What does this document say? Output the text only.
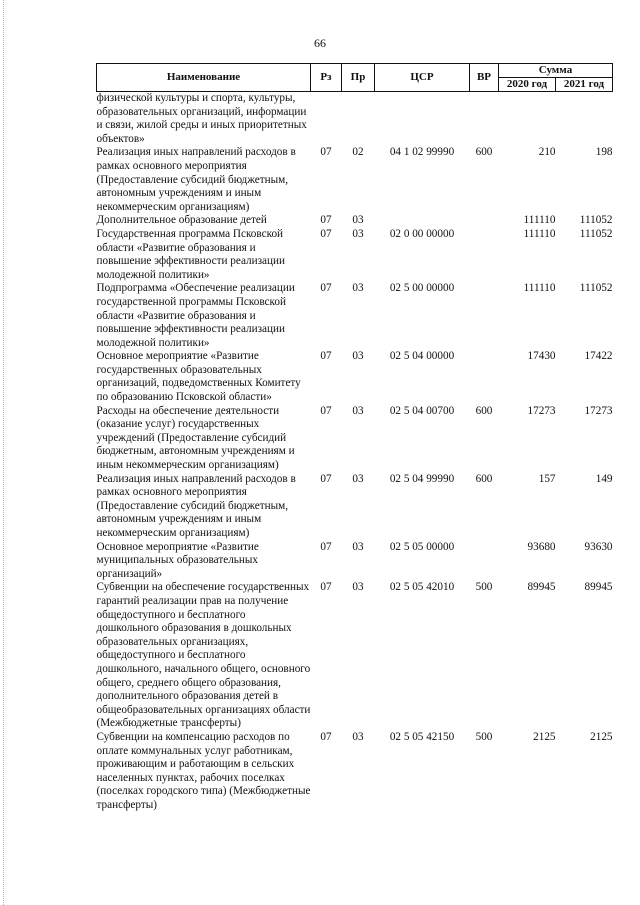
66
Наименование	Рз	Пр	ЦСР	ВР	Сумма	
					2020 год	2021 год
физической культуры и спорта, культуры, образовательных организаций, информации и связи, жилой среды и иных приоритетных объектов»						
Реализация иных направлений расходов в рамках основного мероприятия (Предоставление субсидий бюджетным, автономным учреждениям и иным некоммерческим организациям)	07	02	04 1 02 99990	600	210	198
Дополнительное образование детей	07	03			111110	111052
Государственная программа Псковской области «Развитие образования и повышение эффективности реализации молодежной политики»	07	03	02 0 00 00000		111110	111052
Подпрограмма «Обеспечение реализации государственной программы Псковской области «Развитие образования и повышение эффективности реализации молодежной политики»	07	03	02 5 00 00000		111110	111052
Основное мероприятие «Развитие государственных образовательных организаций, подведомственных Комитету по образованию Псковской области»	07	03	02 5 04 00000		17430	17422
Расходы на обеспечение деятельности (оказание услуг) государственных учреждений (Предоставление субсидий бюджетным, автономным учреждениям и иным некоммерческим организациям)	07	03	02 5 04 00700	600	17273	17273
Реализация иных направлений расходов в рамках основного мероприятия (Предоставление субсидий бюджетным, автономным учреждениям и иным некоммерческим организациям)	07	03	02 5 04 99990	600	157	149
Основное мероприятие «Развитие муниципальных образовательных организаций»	07	03	02 5 05 00000		93680	93630
Субвенции на обеспечение государственных гарантий реализации прав на получение общедоступного и бесплатного дошкольного образования в дошкольных образовательных организациях, общедоступного и бесплатного дошкольного, начального общего, основного общего, среднего общего образования, дополнительного образования детей в общеобразовательных организациях области (Межбюджетные трансферты)	07	03	02 5 05 42010	500	89945	89945
Субвенции на компенсацию расходов по оплате коммунальных услуг работникам, проживающим и работающим в сельских населенных пунктах, рабочих поселках (поселках городского типа) (Межбюджетные трансферты)	07	03	02 5 05 42150	500	2125	2125
